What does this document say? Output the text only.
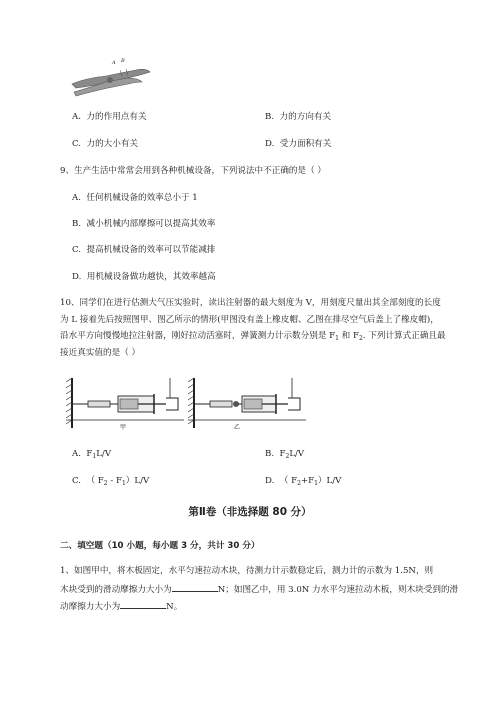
A B
A. 力的作用点有关	B. 力的方向有关
C. 力的大小有关	D. 受力面积有关
9、生产生活中常常会用到各种机械设备，下列说法中不正确的是（ ）
A. 任何机械设备的效率总小于 1
B. 减小机械内部摩擦可以提高其效率
C. 提高机械设备的效率可以节能减排
D. 用机械设备做功越快，其效率越高
10、同学们在进行估测大气压实验时，读出注射器的最大刻度为 V，用刻度尺量出其全部刻度的长度
为 L 接着先后按照图甲、图乙所示的情形(甲图没有盖上橡皮帽、乙图在排尽空气后盖上了橡皮帽)，
沿水平方向慢慢地拉注射器，刚好拉动活塞时，弹簧测力计示数分别是 $F_1$ 和 $F_2$. 下列计算式正确且最
接近真实值的是（ ）
甲	乙
A. $F_1L/V$	B. $F_2L/V$
C. （ $F_2 - F_1)L/V$	D. （ $F_2+F_1)L/V$
第Ⅱ卷（非选择题 80 分）
二、填空题（10 小题，每小题 3 分，共计 30 分）
1、如图甲中，将木板固定，水平匀速拉动木块，待测力计示数稳定后，测力计的示数为 1.5N，则
木块受到的滑动摩擦力大小为	N；如图乙中，用 3.0N 力水平匀速拉动木板，则木块受到的滑
动摩擦力大小为	N。
